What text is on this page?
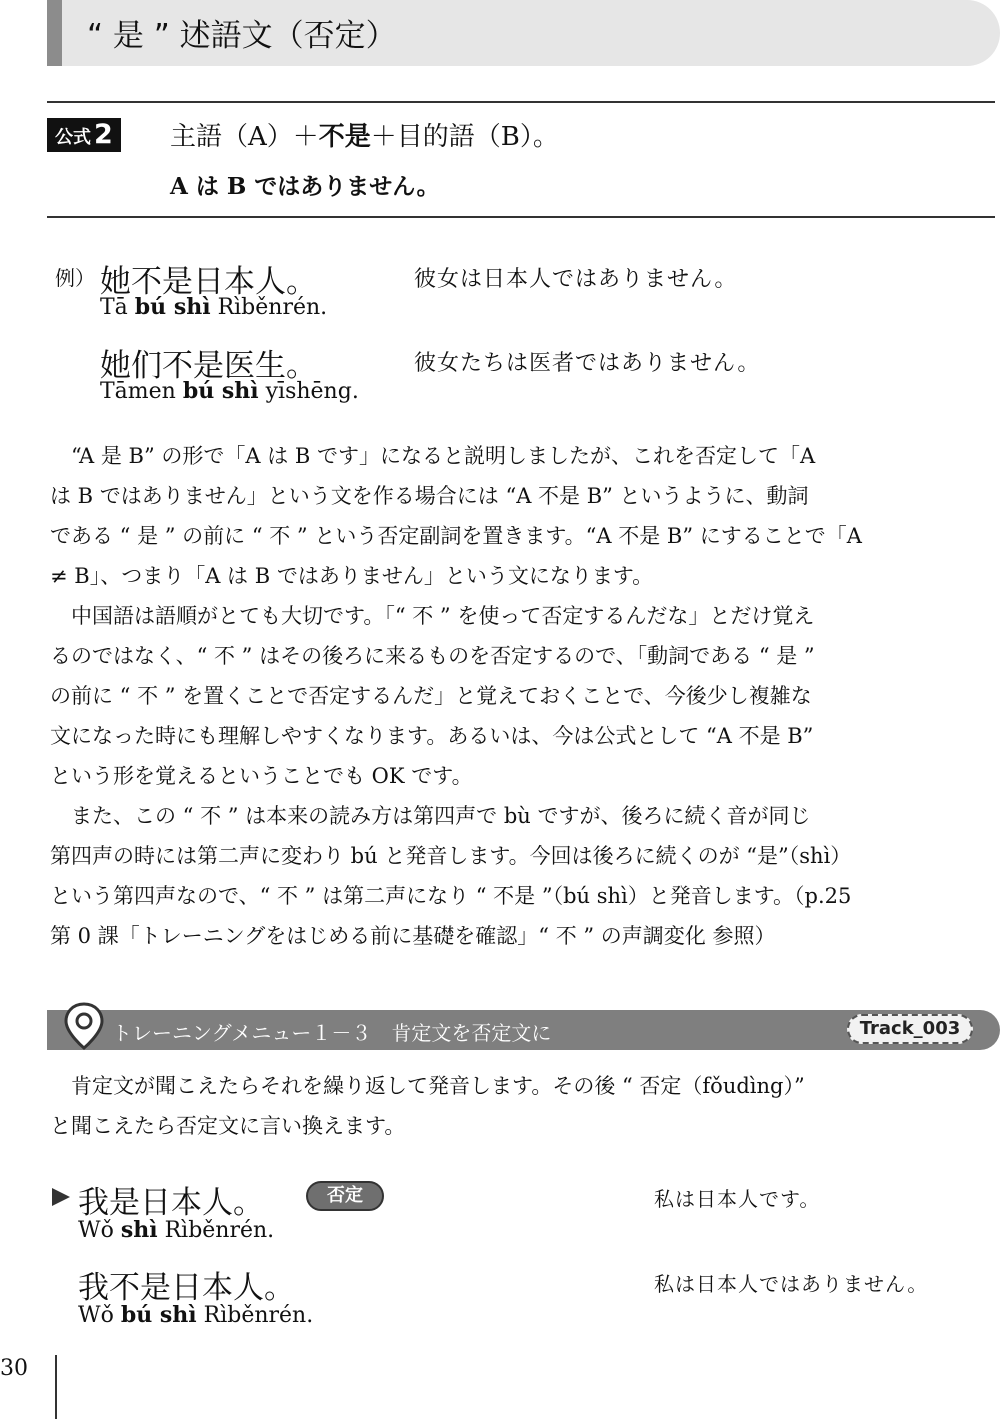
“ 是 ” 述語文（否定）
公式 2	主語（A）＋不是＋目的語（B）。
A は B ではありません。
例） 她不是日本人。	彼女は日本人ではありません。
Tā bú shì Rìběnrén.
她们不是医生。	彼女たちは医者ではありません。
Tāmen bú shì yīshēng.
　“A 是 B” の形で「A は B です」になると説明しましたが、これを否定して「A
は B ではありません」という文を作る場合には “A 不是 B” というように、動詞
である “ 是 ” の前に “ 不 ” という否定副詞を置きます。“A 不是 B” にすることで「A
≠ B」、つまり「A は B ではありません」という文になります。
　中国語は語順がとても大切です。「“ 不 ” を使って否定するんだな」とだけ覚え
るのではなく、“ 不 ” はその後ろに来るものを否定するので、「動詞である “ 是 ”
の前に “ 不 ” を置くことで否定するんだ」と覚えておくことで、今後少し複雑な
文になった時にも理解しやすくなります。あるいは、今は公式として “A 不是 B”
という形を覚えるということでも OK です。
　また、この “ 不 ” は本来の読み方は第四声で bù ですが、後ろに続く音が同じ
第四声の時には第二声に変わり bú と発音します。今回は後ろに続くのが “是”（shì）
という第四声なので、“ 不 ” は第二声になり “ 不是 ”（bú shì）と発音します。（p.25
第 0 課「トレーニングをはじめる前に基礎を確認」“ 不 ” の声調変化 参照）
トレーニングメニュー１－３　肯定文を否定文に	Track_003
　肯定文が聞こえたらそれを繰り返して発音します。その後 “ 否定（fǒudìng）”
と聞こえたら否定文に言い換えます。
我是日本人。	否定	私は日本人です。
Wǒ shì Rìběnrén.
我不是日本人。	私は日本人ではありません。
Wǒ bú shì Rìběnrén.
30
